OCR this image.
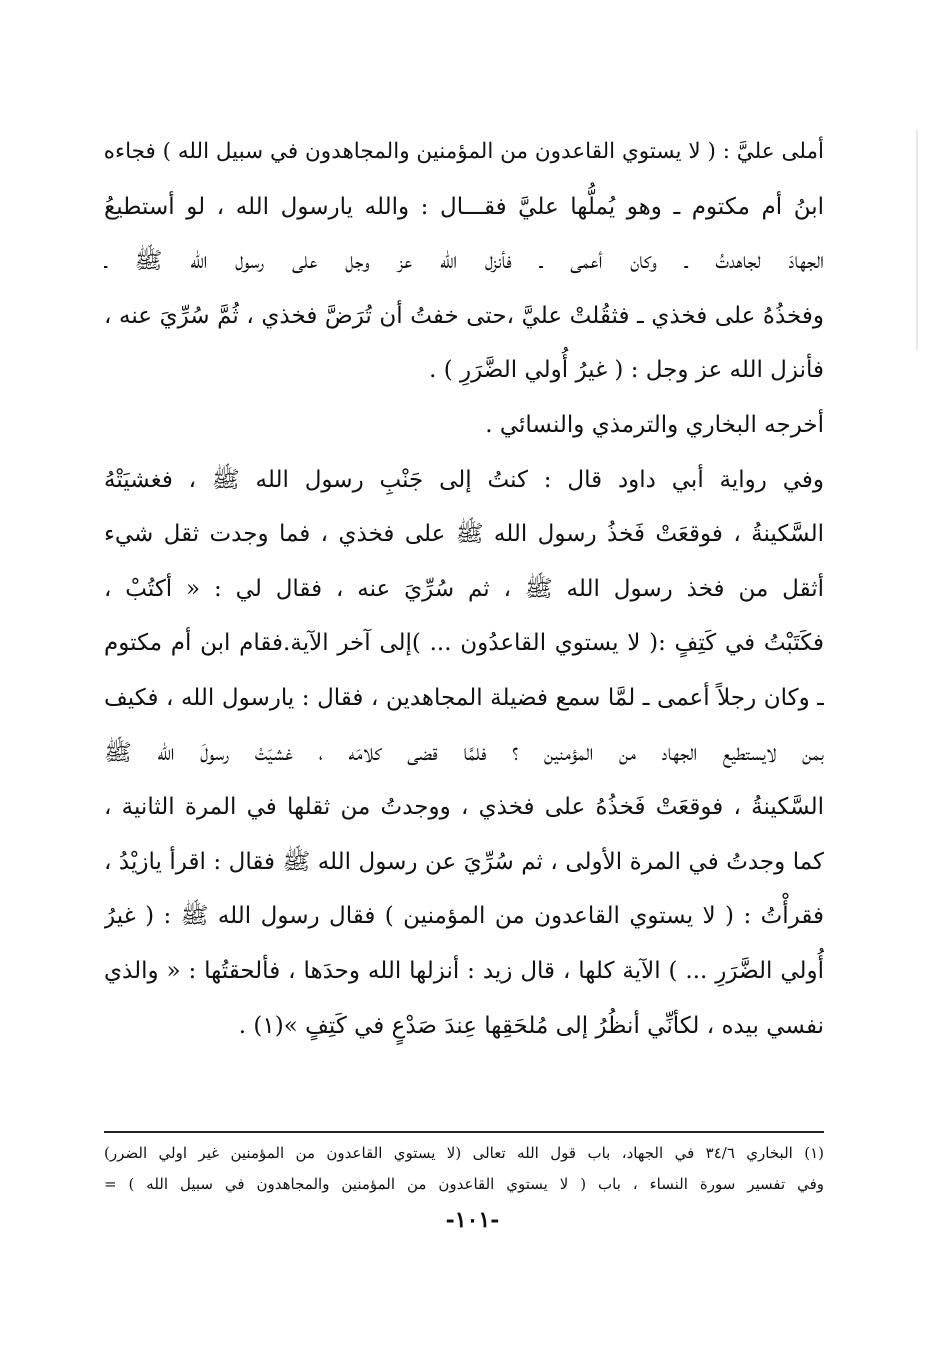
أملى عليَّ : ( لا يستوي القاعدون من المؤمنين والمجاهدون في سبيل الله ) فجاءه
ابنُ أم مكتوم ـ وهو يُملُّها عليَّ فقـــال : والله يارسول الله ، لو أستطيعُ
الجهادَ لجاهدتُ ـ وكان أعمى ـ فأنزل الله عز وجل على رسول الله ﷺ ـ
وفخذُهُ على فخذي ـ فثقُلتْ عليَّ ،حتى خفتُ أن تُرَضَّ فخذي ، ثُمَّ سُرِّيَ عنه ،
فأنزل الله عز وجل : ( غيرُ أُولي الضَّرَرِ ) .
أخرجه البخاري والترمذي والنسائي .
وفي رواية أبي داود قال : كنتُ إلى جَنْبِ رسول الله ﷺ ، فغشيَتْهُ
السَّكينةُ ، فوقعَتْ فَخذُ رسول الله ﷺ على فخذي ، فما وجدت ثقل شيء
أثقل من فخذ رسول الله ﷺ ، ثم سُرِّيَ عنه ، فقال لي : « أكتُبْ ،
فكَتَبْتُ في كَتِفٍ :( لا يستوي القاعدُون ... )إلى آخر الآية.فقام ابن أم مكتوم
ـ وكان رجلاً أعمى ـ لمَّا سمع فضيلة المجاهدين ، فقال : يارسول الله ، فكيف
بمن لايستطيع الجهاد من المؤمنين ؟ فلمَّا قضى كلامَه ، غشيَتْ رسولَ الله ﷺ
السَّكينةُ ، فوقعَتْ فَخذُهُ على فخذي ، ووجدتُ من ثقلها في المرة الثانية ،
كما وجدتُ في المرة الأولى ، ثم سُرِّيَ عن رسول الله ﷺ فقال : اقرأ يازيْدُ ،
فقرأْتُ : ( لا يستوي القاعدون من المؤمنين ) فقال رسول الله ﷺ : ( غيرُ
أُولي الضَّرَرِ ... ) الآية كلها ، قال زيد : أنزلها الله وحدَها ، فألحقتُها : « والذي
نفسي بيده ، لكأنِّي أنظُرُ إلى مُلحَقِها عِندَ صَدْعٍ في كَتِفٍ »(١) .
(١) البخاري ٣٤/٦ في الجهاد، باب قول الله تعالى (لا يستوي القاعدون من المؤمنين غير اولي الضرر)
وفي تفسير سورة النساء ، باب ( لا يستوي القاعدون من المؤمنين والمجاهدون في سبيل الله ) =
-١٠١-
